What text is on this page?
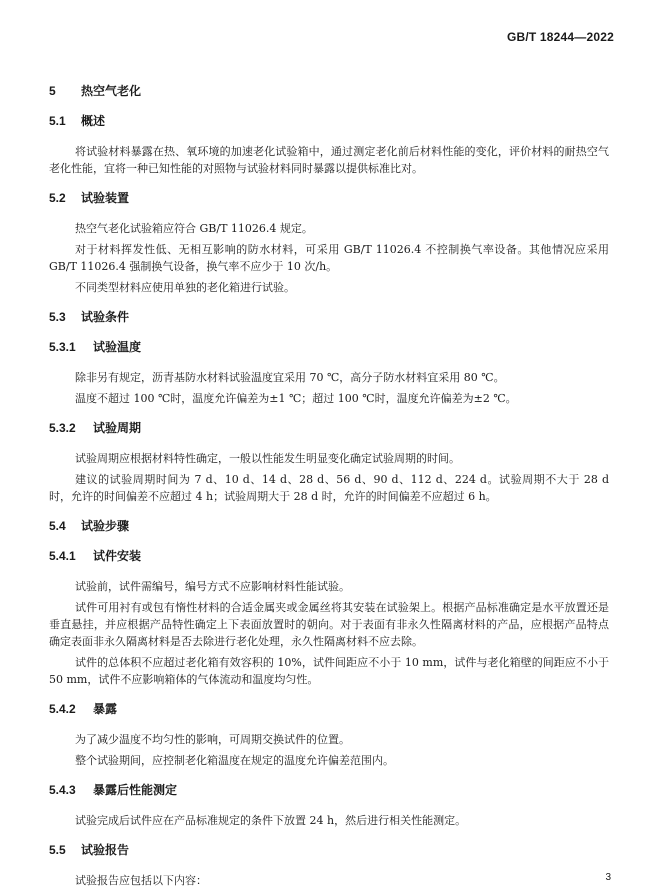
GB/T 18244—2022
5 热空气老化
5.1 概述

将试验材料暴露在热、氧环境的加速老化试验箱中，通过测定老化前后材料性能的变化，评价材料的耐热空气老化性能，宜将一种已知性能的对照物与试验材料同时暴露以提供标准比对。

5.2 试验装置

热空气老化试验箱应符合 GB/T 11026.4 规定。

对于材料挥发性低、无相互影响的防水材料，可采用 GB/T 11026.4 不控制换气率设备。其他情况应采用 GB/T 11026.4 强制换气设备，换气率不应少于 10 次/h。

不同类型材料应使用单独的老化箱进行试验。

5.3 试验条件
5.3.1 试验温度

除非另有规定，沥青基防水材料试验温度宜采用 70 ℃，高分子防水材料宜采用 80 ℃。

温度不超过 100 ℃时，温度允许偏差为±1 ℃；超过 100 ℃时，温度允许偏差为±2 ℃。

5.3.2 试验周期

试验周期应根据材料特性确定，一般以性能发生明显变化确定试验周期的时间。

建议的试验周期时间为 7 d、10 d、14 d、28 d、56 d、90 d、112 d、224 d。试验周期不大于 28 d 时，允许的时间偏差不应超过 4 h；试验周期大于 28 d 时，允许的时间偏差不应超过 6 h。

5.4 试验步骤
5.4.1 试件安装

试验前，试件需编号，编号方式不应影响材料性能试验。

试件可用衬有或包有惰性材料的合适金属夹或金属丝将其安装在试验架上。根据产品标准确定是水平放置还是垂直悬挂，并应根据产品特性确定上下表面放置时的朝向。对于表面有非永久性隔离材料的产品，应根据产品特点确定表面非永久隔离材料是否去除进行老化处理，永久性隔离材料不应去除。

试件的总体积不应超过老化箱有效容积的 10%，试件间距应不小于 10 mm，试件与老化箱壁的间距应不小于 50 mm，试件不应影响箱体的气体流动和温度均匀性。

5.4.2 暴露

为了减少温度不均匀性的影响，可周期交换试件的位置。

整个试验期间，应控制老化箱温度在规定的温度允许偏差范围内。

5.4.3 暴露后性能测定

试验完成后试件应在产品标准规定的条件下放置 24 h，然后进行相关性能测定。

5.5 试验报告

试验报告应包括以下内容：	3
